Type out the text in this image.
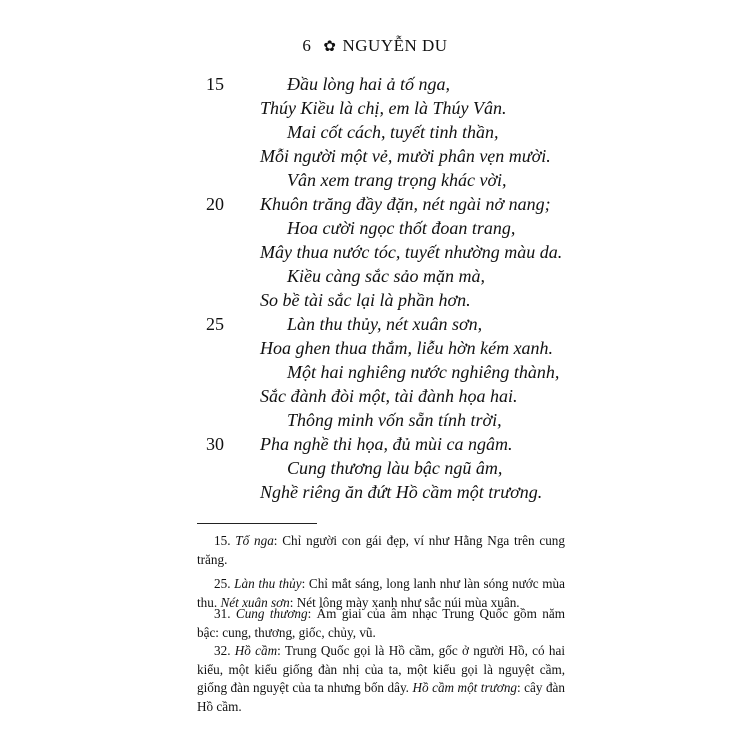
6 ✿ NGUYỄN DU
15
20
25
30
Đầu lòng hai ả tố nga,
Thúy Kiều là chị, em là Thúy Vân.
Mai cốt cách, tuyết tinh thần,
Mỗi người một vẻ, mười phân vẹn mười.
Vân xem trang trọng khác vời,
Khuôn trăng đầy đặn, nét ngài nở nang;
Hoa cười ngọc thốt đoan trang,
Mây thua nước tóc, tuyết nhường màu da.
Kiều càng sắc sảo mặn mà,
So bề tài sắc lại là phần hơn.
Làn thu thủy, nét xuân sơn,
Hoa ghen thua thắm, liễu hờn kém xanh.
Một hai nghiêng nước nghiêng thành,
Sắc đành đòi một, tài đành họa hai.
Thông minh vốn sẵn tính trời,
Pha nghề thi họa, đủ mùi ca ngâm.
Cung thương làu bậc ngũ âm,
Nghề riêng ăn đứt Hồ cầm một trương.
15. Tố nga: Chỉ người con gái đẹp, ví như Hằng Nga trên cung trăng.
25. Làn thu thủy: Chỉ mắt sáng, long lanh như làn sóng nước mùa thu. Nét xuân sơn: Nét lông mày xanh như sắc núi mùa xuân.
31. Cung thương: Âm giai của âm nhạc Trung Quốc gồm năm bậc: cung, thương, giốc, chủy, vũ.
32. Hồ cầm: Trung Quốc gọi là Hồ cầm, gốc ở người Hồ, có hai kiểu, một kiểu giống đàn nhị của ta, một kiểu gọi là nguyệt cầm, giống đàn nguyệt của ta nhưng bốn dây. Hồ cầm một trương: cây đàn Hồ cầm.
